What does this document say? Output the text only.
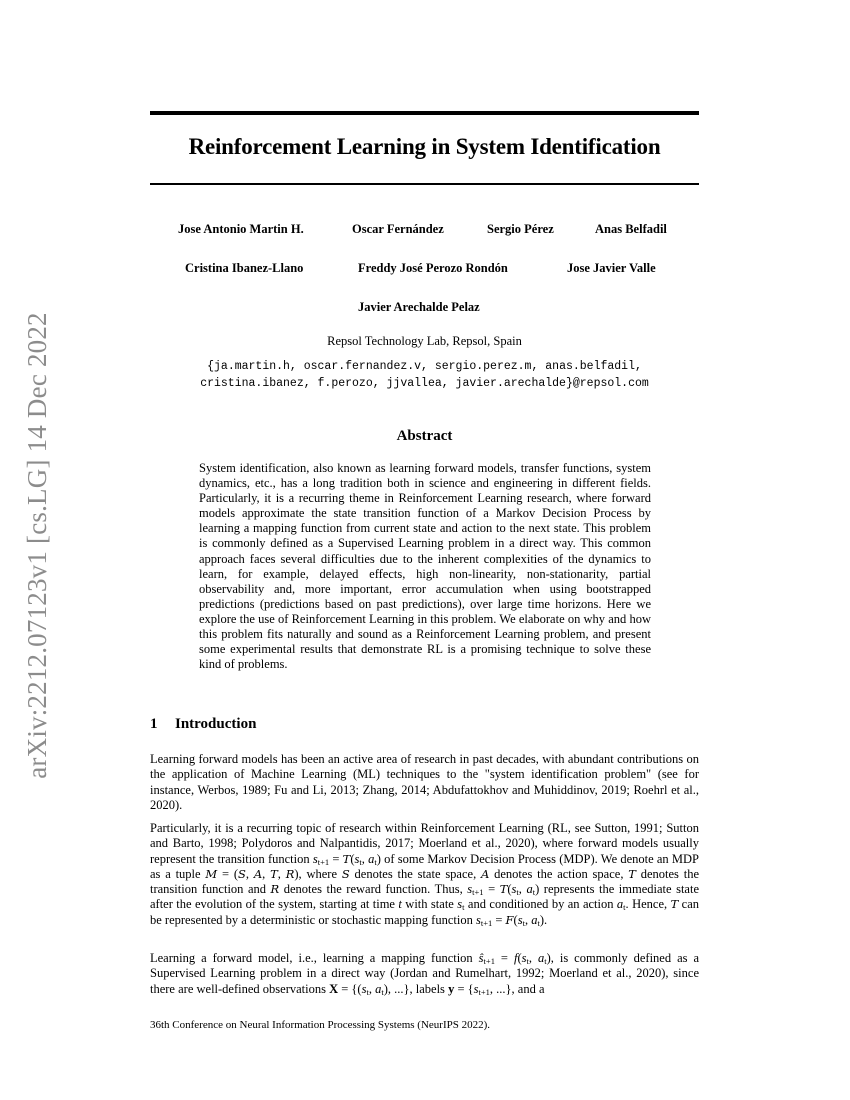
arXiv:2212.07123v1 [cs.LG] 14 Dec 2022
Reinforcement Learning in System Identification
Jose Antonio Martin H.	Oscar Fernández	Sergio Pérez	Anas Belfadil
Cristina Ibanez-Llano	Freddy José Perozo Rondón	Jose Javier Valle
Javier Arechalde Pelaz
Repsol Technology Lab, Repsol, Spain
{ja.martin.h, oscar.fernandez.v, sergio.perez.m, anas.belfadil,
cristina.ibanez, f.perozo, jjvallea, javier.arechalde}@repsol.com
Abstract

System identification, also known as learning forward models, transfer functions, system dynamics, etc., has a long tradition both in science and engineering in different fields. Particularly, it is a recurring theme in Reinforcement Learning research, where forward models approximate the state transition function of a Markov Decision Process by learning a mapping function from current state and action to the next state. This problem is commonly defined as a Supervised Learning problem in a direct way. This common approach faces several difficulties due to the inherent complexities of the dynamics to learn, for example, delayed effects, high non-linearity, non-stationarity, partial observability and, more important, error accumulation when using bootstrapped predictions (predictions based on past predictions), over large time horizons. Here we explore the use of Reinforcement Learning in this problem. We elaborate on why and how this problem fits naturally and sound as a Reinforcement Learning problem, and present some experimental results that demonstrate RL is a promising technique to solve these kind of problems.

1 Introduction

Learning forward models has been an active area of research in past decades, with abundant contributions on the application of Machine Learning (ML) techniques to the "system identification problem" (see for instance, Werbos, 1989; Fu and Li, 2013; Zhang, 2014; Abdufattokhov and Muhiddinov, 2019; Roehrl et al., 2020).

Particularly, it is a recurring topic of research within Reinforcement Learning (RL, see Sutton, 1991; Sutton and Barto, 1998; Polydoros and Nalpantidis, 2017; Moerland et al., 2020), where forward models usually represent the transition function $s_{t+1} = T(s_t$, $a_t$) of some Markov Decision Process (MDP). We denote an MDP as a tuple M = (S, A, T, R), where S denotes the state space, A denotes the action space, T denotes the transition function and R denotes the reward function. Thus, $s_{t+1} = T(s_t$, $a_t$) represents the immediate state after the evolution of the system, starting at time t with state $s_t$ and conditioned by an action $a_t$. Hence, T can be represented by a deterministic or stochastic mapping function $s_{t+1} = F(s_t$, $a_t$).

Learning a forward model, i.e., learning a mapping function $ŝ_{t+1} = f(s_t$, $a_t$), is commonly defined as a Supervised Learning problem in a direct way (Jordan and Rumelhart, 1992; Moerland et al., 2020), since there are well-defined observations $X = \{(s_t$, $a_t$), ...}, labels $y = \{s_{t+1}$, ...}, and a

36th Conference on Neural Information Processing Systems (NeurIPS 2022).
